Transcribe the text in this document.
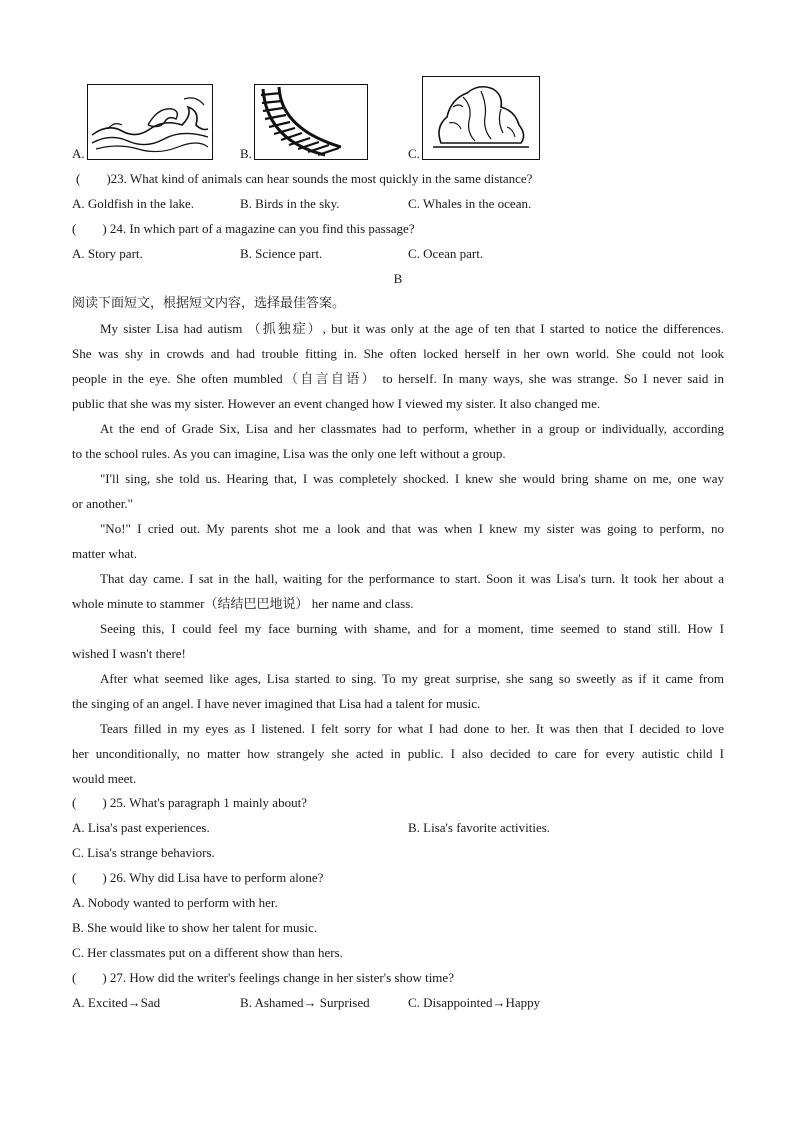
A.	B.	C.
(　　)23. What kind of animals can hear sounds the most quickly in the same distance?
A. Goldfish in the lake.	B. Birds in the sky.	C. Whales in the ocean.
(　　) 24. In which part of a magazine can you find this passage?
A. Story part.	B. Science part.	C. Ocean part.
B
阅读下面短文，根据短文内容，选择最佳答案。
My sister Lisa had autism （抓独症）, but it was only at the age of ten that I started to notice the differences.
She was shy in crowds and had trouble fitting in. She often locked herself in her own world. She could not look
people in the eye. She often mumbled（自言自语） to herself. In many ways, she was strange. So I never said in
public that she was my sister. However an event changed how I viewed my sister. It also changed me.
At the end of Grade Six, Lisa and her classmates had to perform, whether in a group or individually, according
to the school rules. As you can imagine, Lisa was the only one left without a group.
"I'll sing, she told us. Hearing that, I was completely shocked. I knew she would bring shame on me, one way
or another."
"No!" I cried out. My parents shot me a look and that was when I knew my sister was going to perform, no
matter what.
That day came. I sat in the hall, waiting for the performance to start. Soon it was Lisa's turn. It took her about a
whole minute to stammer（结结巴巴地说） her name and class.
Seeing this, I could feel my face burning with shame, and for a moment, time seemed to stand still. How I
wished I wasn't there!
After what seemed like ages, Lisa started to sing. To my great surprise, she sang so sweetly as if it came from
the singing of an angel. I have never imagined that Lisa had a talent for music.
Tears filled in my eyes as I listened. I felt sorry for what I had done to her. It was then that I decided to love
her unconditionally, no matter how strangely she acted in public. I also decided to care for every autistic child I
would meet.
(　　) 25. What's paragraph 1 mainly about?
A. Lisa's past experiences.	B. Lisa's favorite activities.
C. Lisa's strange behaviors.
(　　) 26. Why did Lisa have to perform alone?
A. Nobody wanted to perform with her.
B. She would like to show her talent for music.
C. Her classmates put on a different show than hers.
(　　) 27. How did the writer's feelings change in her sister's show time?
A. Excited→Sad	B. Ashamed→ Surprised	C. Disappointed→Happy
